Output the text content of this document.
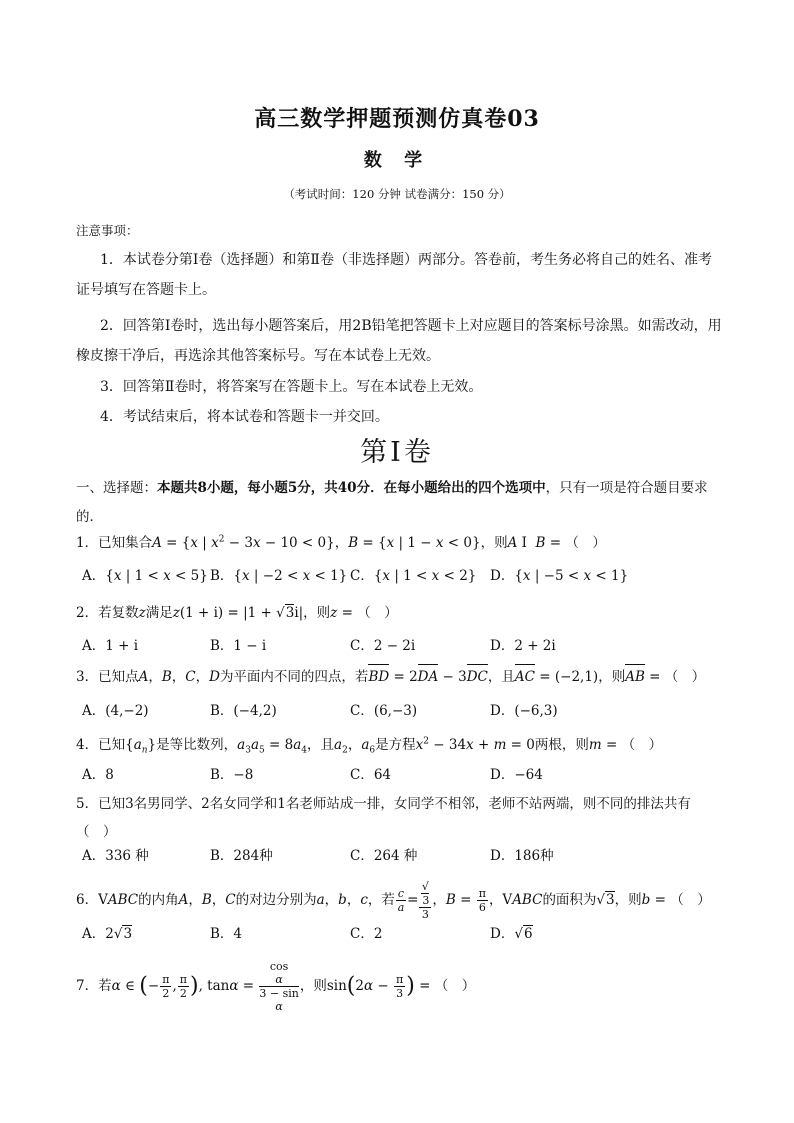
高三数学押题预测仿真卷03
数 学
（考试时间：120 分钟 试卷满分：150 分）
注意事项：
1．本试卷分第Ⅰ卷（选择题）和第Ⅱ卷（非选择题）两部分。答卷前，考生务必将自己的姓名、准考证号填写在答题卡上。
2．回答第Ⅰ卷时，选出每小题答案后，用2B铅笔把答题卡上对应题目的答案标号涂黑。如需改动，用橡皮擦干净后，再选涂其他答案标号。写在本试卷上无效。
3．回答第Ⅱ卷时，将答案写在答题卡上。写在本试卷上无效。
4．考试结束后，将本试卷和答题卡一并交回。
第Ⅰ卷
一、选择题：本题共8小题，每小题5分，共40分．在每小题给出的四个选项中，只有一项是符合题目要求的．
1．已知集合A = {x | $x^2 - 3x - 10 < 0$}，B = {x | 1 − x < 0}，则A I  B = （　）
A．{x | 1 < x < 5} B．{x | −2 < x < 1} C．{x | 1 < x < 2} D．{x | −5 < x < 1}
2．若复数z满足z(1 + i) = |1 + √3i|，则z = （　）
A．1 + i	B．1 − i	C．2 − 2i	D．2 + 2i
3．已知点A，B，C，D为平面内不同的四点，若BD = 2DA − 3DC，且AC = (−2,1)，则AB = （　）
A．(4,−2)	B．(−4,2)	C．(6,−3)	D．(−6,3)
4．已知$\{a_n\}$是等比数列，$a_3a_5 = 8a_4$，且$a_2$，$a_6$是方程$x^2 - 34x + m = 0$两根，则m = （　）
A．8	B．−8	C．64	D．−64
5．已知3名男同学、2名女同学和1名老师站成一排，女同学不相邻，老师不站两端，则不同的排法共有（　）
A．336 种	B．284种	C．264 种	D．186种
6．VABC的内角A，B，C的对边分别为a，b，c，若 $\frac{c}{a}$ = √
3
3 ，$B = \frac{\pi}{6}$ ，VABC的面积为√3，则b = （　）
A．2√3	B．4	C．2	D．√6
7．若α ∈ (− $\frac{\pi}{2}$ , $\frac{\pi}{2}$ ), tanα = cos
α
3 − sin
α ，则$\sin(2\alpha - \frac{\pi}{3}$ ) = （　）
